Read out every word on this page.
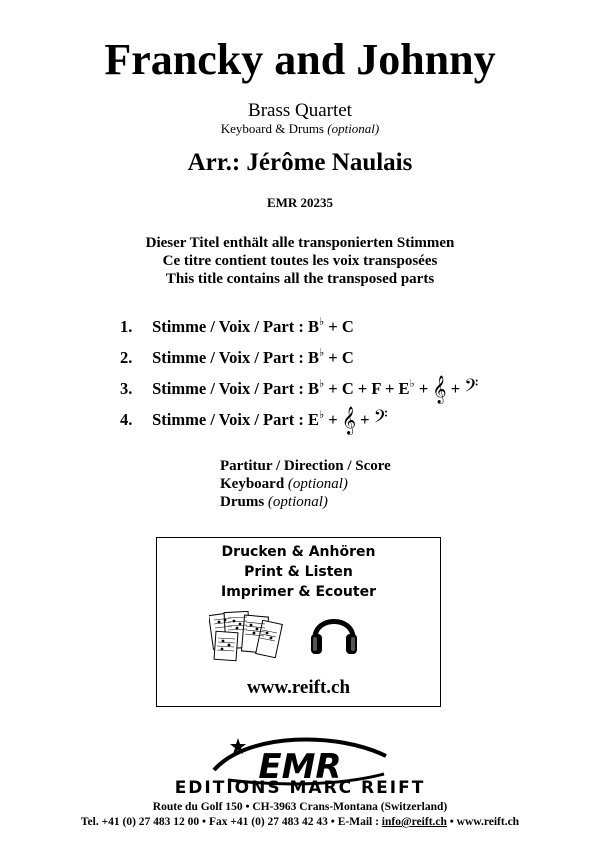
Francky and Johnny
Brass Quartet
Keyboard & Drums (optional)
Arr.: Jérôme Naulais
EMR 20235
Dieser Titel enthält alle transponierten Stimmen
Ce titre contient toutes les voix transposées
This title contains all the transposed parts
1. Stimme / Voix / Part : B♭ + C
2. Stimme / Voix / Part : B♭ + C
3. Stimme / Voix / Part : B♭ + C + F + E♭ + 𝄞 + 𝄢
4. Stimme / Voix / Part : E♭ + 𝄞 + 𝄢
Partitur / Direction / Score
Keyboard (optional)
Drums (optional)
Drucken & Anhören
Print & Listen
Imprimer & Ecouter
www.reift.ch
EMR
EDITIONS MARC REIFT
Route du Golf 150 • CH-3963 Crans-Montana (Switzerland)
Tel. +41 (0) 27 483 12 00 • Fax +41 (0) 27 483 42 43 • E-Mail : info@reift.ch • www.reift.ch
